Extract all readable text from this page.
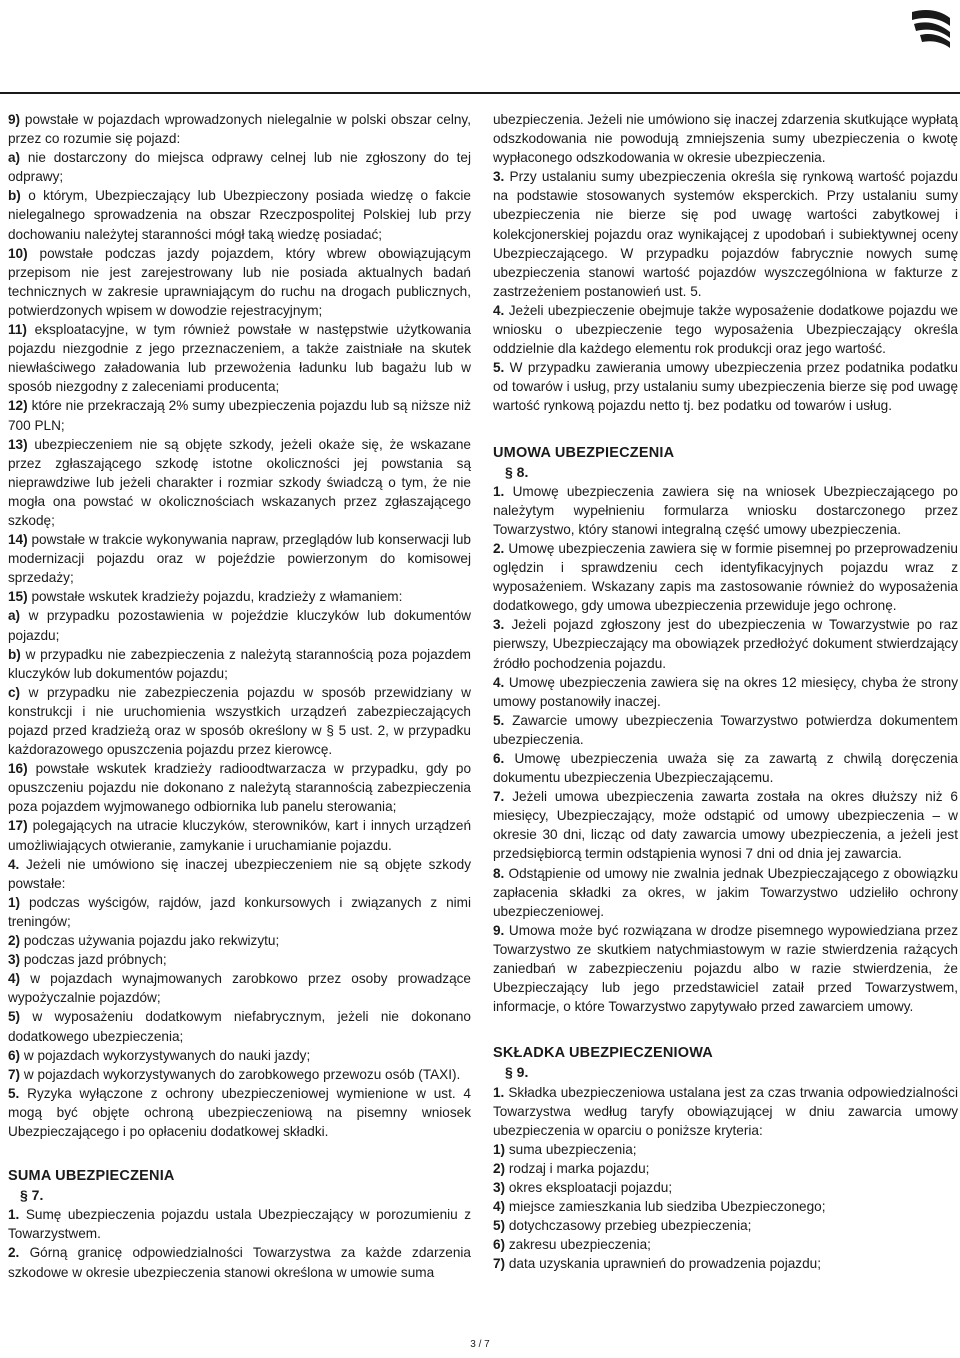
9) powstałe w pojazdach wprowadzonych nielegalnie w polski obszar celny, przez co rozumie się pojazd:

a) nie dostarczony do miejsca odprawy celnej lub nie zgłoszony do tej odprawy;

b) o którym, Ubezpieczający lub Ubezpieczony posiada wiedzę o fakcie nielegalnego sprowadzenia na obszar Rzeczpospolitej Polskiej lub przy dochowaniu należytej staranności mógł taką wiedzę posiadać;

10) powstałe podczas jazdy pojazdem, który wbrew obowiązującym przepisom nie jest zarejestrowany lub nie posiada aktualnych badań technicznych w zakresie uprawniającym do ruchu na drogach publicznych, potwierdzonych wpisem w dowodzie rejestracyjnym;

11) eksploatacyjne, w tym również powstałe w następstwie użytkowania pojazdu niezgodnie z jego przeznaczeniem, a także zaistniałe na skutek niewłaściwego załadowania lub przewożenia ładunku lub bagażu lub w sposób niezgodny z zaleceniami producenta;

12) które nie przekraczają 2% sumy ubezpieczenia pojazdu lub są niższe niż 700 PLN;

13) ubezpieczeniem nie są objęte szkody, jeżeli okaże się, że wskazane przez zgłaszającego szkodę istotne okoliczności jej powstania są nieprawdziwe lub jeżeli charakter i rozmiar szkody świadczą o tym, że nie mogła ona powstać w okolicznościach wskazanych przez zgłaszającego szkodę;

14) powstałe w trakcie wykonywania napraw, przeglądów lub konserwacji lub modernizacji pojazdu oraz w pojeździe powierzonym do komisowej sprzedaży;

15) powstałe wskutek kradzieży pojazdu, kradzieży z włamaniem:

a) w przypadku pozostawienia w pojeździe kluczyków lub dokumentów pojazdu;

b) w przypadku nie zabezpieczenia z należytą starannością poza pojazdem kluczyków lub dokumentów pojazdu;

c) w przypadku nie zabezpieczenia pojazdu w sposób przewidziany w konstrukcji i nie uruchomienia wszystkich urządzeń zabezpieczających pojazd przed kradzieżą oraz w sposób określony w § 5 ust. 2, w przypadku każdorazowego opuszczenia pojazdu przez kierowcę.

16) powstałe wskutek kradzieży radioodtwarzacza w przypadku, gdy po opuszczeniu pojazdu nie dokonano z należytą starannością zabezpieczenia poza pojazdem wyjmowanego odbiornika lub panelu sterowania;

17) polegających na utracie kluczyków, sterowników, kart i innych urządzeń umożliwiających otwieranie, zamykanie i uruchamianie pojazdu.

4. Jeżeli nie umówiono się inaczej ubezpieczeniem nie są objęte szkody powstałe:

1) podczas wyścigów, rajdów, jazd konkursowych i związanych z nimi treningów;

2) podczas używania pojazdu jako rekwizytu;

3) podczas jazd próbnych;

4) w pojazdach wynajmowanych zarobkowo przez osoby prowadzące wypożyczalnie pojazdów;

5) w wyposażeniu dodatkowym niefabrycznym, jeżeli nie dokonano dodatkowego ubezpieczenia;

6) w pojazdach wykorzystywanych do nauki jazdy;

7) w pojazdach wykorzystywanych do zarobkowego przewozu osób (TAXI).

5. Ryzyka wyłączone z ochrony ubezpieczeniowej wymienione w ust. 4 mogą być objęte ochroną ubezpieczeniową na pisemny wniosek Ubezpieczającego i po opłaceniu dodatkowej składki.

SUMA UBEZPIECZENIA

§ 7.

1. Sumę ubezpieczenia pojazdu ustala Ubezpieczający w porozumieniu z Towarzystwem.

2. Górną granicę odpowiedzialności Towarzystwa za każde zdarzenia szkodowe w okresie ubezpieczenia stanowi określona w umowie suma

ubezpieczenia. Jeżeli nie umówiono się inaczej zdarzenia skutkujące wypłatą odszkodowania nie powodują zmniejszenia sumy ubezpieczenia o kwotę wypłaconego odszkodowania w okresie ubezpieczenia.

3. Przy ustalaniu sumy ubezpieczenia określa się rynkową wartość pojazdu na podstawie stosowanych systemów eksperckich. Przy ustalaniu sumy ubezpieczenia nie bierze się pod uwagę wartości zabytkowej i kolekcjonerskiej pojazdu oraz wynikającej z upodobań i subiektywnej oceny Ubezpieczającego. W przypadku pojazdów fabrycznie nowych sumę ubezpieczenia stanowi wartość pojazdów wyszczególniona w fakturze z zastrzeżeniem postanowień ust. 5.

4. Jeżeli ubezpieczenie obejmuje także wyposażenie dodatkowe pojazdu we wniosku o ubezpieczenie tego wyposażenia Ubezpieczający określa oddzielnie dla każdego elementu rok produkcji oraz jego wartość.

5. W przypadku zawierania umowy ubezpieczenia przez podatnika podatku od towarów i usług, przy ustalaniu sumy ubezpieczenia bierze się pod uwagę wartość rynkową pojazdu netto tj. bez podatku od towarów i usług.

UMOWA UBEZPIECZENIA

§ 8.

1. Umowę ubezpieczenia zawiera się na wniosek Ubezpieczającego po należytym wypełnieniu formularza wniosku dostarczonego przez Towarzystwo, który stanowi integralną część umowy ubezpieczenia.

2. Umowę ubezpieczenia zawiera się w formie pisemnej po przeprowadzeniu oględzin i sprawdzeniu cech identyfikacyjnych pojazdu wraz z wyposażeniem. Wskazany zapis ma zastosowanie również do wyposażenia dodatkowego, gdy umowa ubezpieczenia przewiduje jego ochronę.

3. Jeżeli pojazd zgłoszony jest do ubezpieczenia w Towarzystwie po raz pierwszy, Ubezpieczający ma obowiązek przedłożyć dokument stwierdzający źródło pochodzenia pojazdu.

4. Umowę ubezpieczenia zawiera się na okres 12 miesięcy, chyba że strony umowy postanowiły inaczej.

5. Zawarcie umowy ubezpieczenia Towarzystwo potwierdza dokumentem ubezpieczenia.

6. Umowę ubezpieczenia uważa się za zawartą z chwilą doręczenia dokumentu ubezpieczenia Ubezpieczającemu.

7. Jeżeli umowa ubezpieczenia zawarta została na okres dłuższy niż 6 miesięcy, Ubezpieczający, może odstąpić od umowy ubezpieczenia – w okresie 30 dni, licząc od daty zawarcia umowy ubezpieczenia, a jeżeli jest przedsiębiorcą termin odstąpienia wynosi 7 dni od dnia jej zawarcia.

8. Odstąpienie od umowy nie zwalnia jednak Ubezpieczającego z obowiązku zapłacenia składki za okres, w jakim Towarzystwo udzieliło ochrony ubezpieczeniowej.

9. Umowa może być rozwiązana w drodze pisemnego wypowiedziana przez Towarzystwo ze skutkiem natychmiastowym w razie stwierdzenia rażących zaniedbań w zabezpieczeniu pojazdu albo w razie stwierdzenia, że Ubezpieczający lub jego przedstawiciel zataił przed Towarzystwem, informacje, o które Towarzystwo zapytywało przed zawarciem umowy.

SKŁADKA UBEZPIECZENIOWA

§ 9.

1. Składka ubezpieczeniowa ustalana jest za czas trwania odpowiedzialności Towarzystwa według taryfy obowiązującej w dniu zawarcia umowy ubezpieczenia w oparciu o poniższe kryteria:

1) suma ubezpieczenia;

2) rodzaj i marka pojazdu;

3) okres eksploatacji pojazdu;

4) miejsce zamieszkania lub siedziba Ubezpieczonego;

5) dotychczasowy przebieg ubezpieczenia;

6) zakresu ubezpieczenia;

7) data uzyskania uprawnień do prowadzenia pojazdu;

3 / 7
